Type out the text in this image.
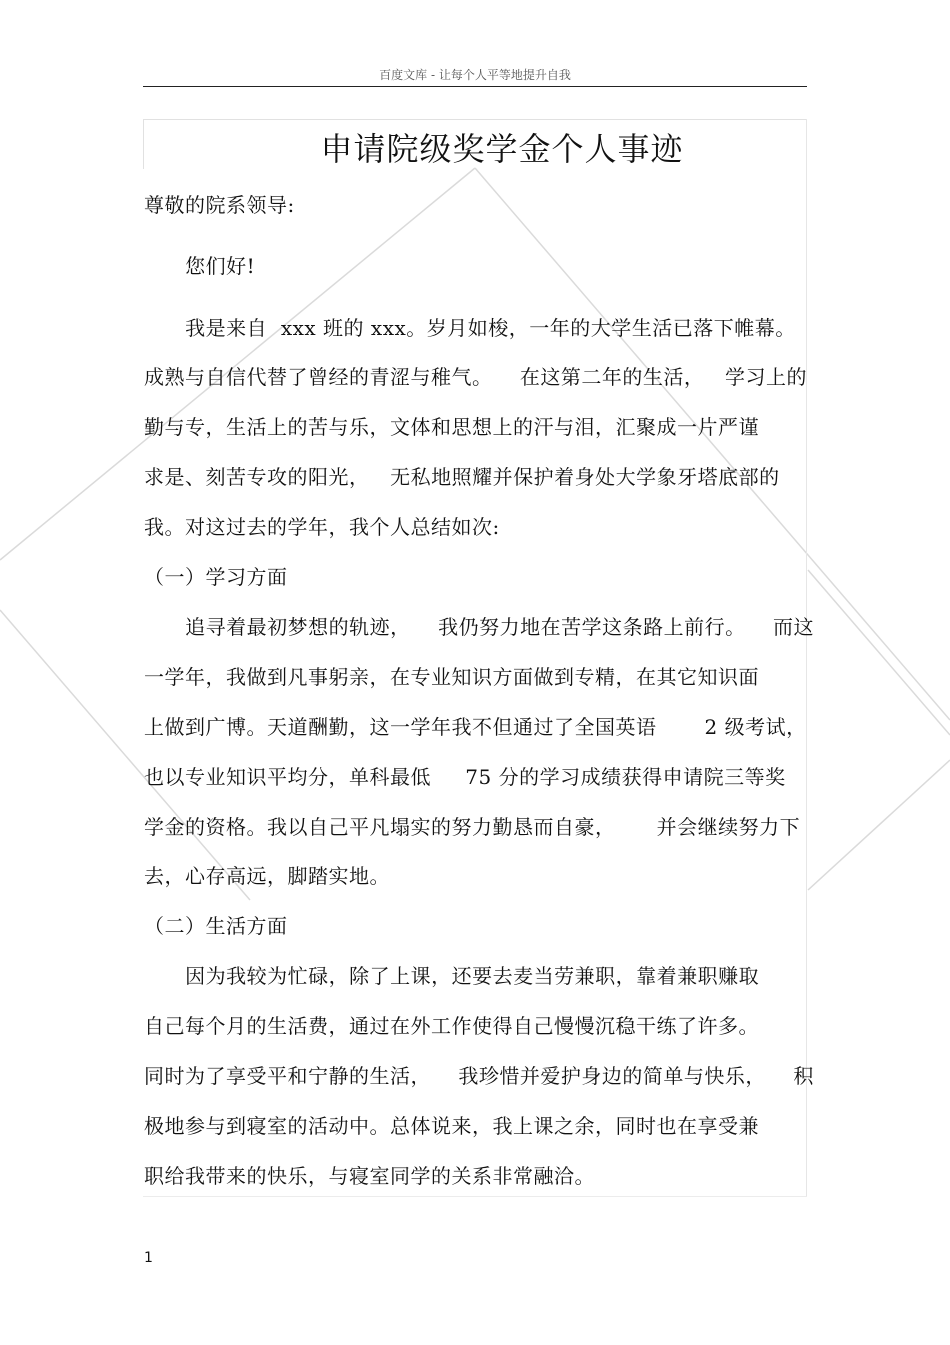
百度文库 - 让每个人平等地提升自我
申请院级奖学金个人事迹
尊敬的院系领导:
您们好!
我是来自  xxx 班的 xxx。岁月如梭，一年的大学生活已落下帷幕。
成熟与自信代替了曾经的青涩与稚气。    在这第二年的生活，   学习上的
勤与专，生活上的苦与乐，文体和思想上的汗与泪，汇聚成一片严谨
求是、刻苦专攻的阳光，   无私地照耀并保护着身处大学象牙塔底部的
我。对这过去的学年，我个人总结如次:
（一）学习方面
追寻着最初梦想的轨迹，    我仍努力地在苦学这条路上前行。    而这
一学年，我做到凡事躬亲，在专业知识方面做到专精，在其它知识面
上做到广博。天道酬勤，这一学年我不但通过了全国英语       2 级考试，
也以专业知识平均分，单科最低     75 分的学习成绩获得申请院三等奖
学金的资格。我以自己平凡塌实的努力勤恳而自豪，      并会继续努力下
去，心存高远，脚踏实地。
（二）生活方面
因为我较为忙碌，除了上课，还要去麦当劳兼职，靠着兼职赚取
自己每个月的生活费，通过在外工作使得自己慢慢沉稳干练了许多。
同时为了享受平和宁静的生活，    我珍惜并爱护身边的简单与快乐，    积
极地参与到寝室的活动中。总体说来，我上课之余，同时也在享受兼
职给我带来的快乐，与寝室同学的关系非常融洽。
1
